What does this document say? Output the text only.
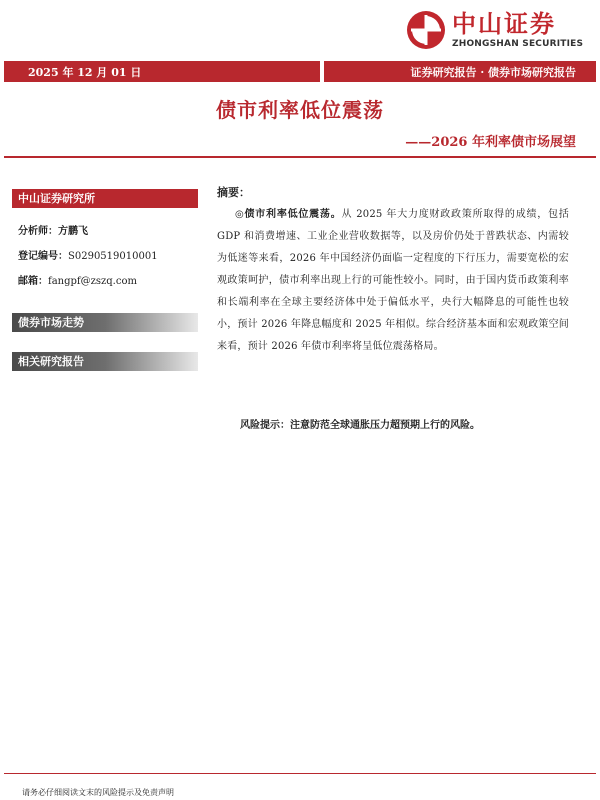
中山证券
ZHONGSHAN SECURITIES
2025 年 12 月 01 日	证券研究报告 · 债券市场研究报告
债市利率低位震荡
——2026 年利率债市场展望
中山证券研究所
分析师：方鹏飞
登记编号：S0290519010001
邮箱：fangpf@zszq.com
债券市场走势
相关研究报告
摘要：
◎债市利率低位震荡。从 2025 年大力度财政政策所取得的成绩，包括 GDP 和消费增速、工业企业营收数据等，以及房价仍处于普跌状态、内需较为低迷等来看，2026 年中国经济仍面临一定程度的下行压力，需要宽松的宏观政策呵护，债市利率出现上行的可能性较小。同时，由于国内货币政策利率和长端利率在全球主要经济体中处于偏低水平，央行大幅降息的可能性也较小，预计 2026 年降息幅度和 2025 年相似。综合经济基本面和宏观政策空间来看，预计 2026 年债市利率将呈低位震荡格局。
风险提示：注意防范全球通胀压力超预期上行的风险。
请务必仔细阅读文末的风险提示及免责声明
